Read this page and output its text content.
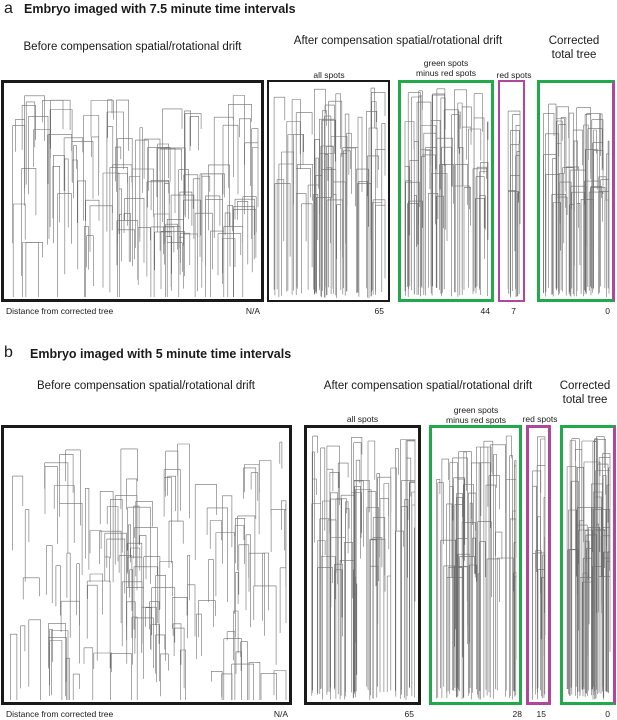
a Embryo imaged with 7.5 minute time intervals
Before compensation spatial/rotational drift	After compensation spatial/rotational drift	Corrected
total tree
all spots
green spots
minus red spots	red spots
Distance from corrected tree	N/A	65	44	7	0
b Embryo imaged with 5 minute time intervals
Before compensation spatial/rotational drift	After compensation spatial/rotational drift	Corrected
total tree
all spots
green spots
minus red spots	red spots
Distance from corrected tree	N/A	65	28	15	0
